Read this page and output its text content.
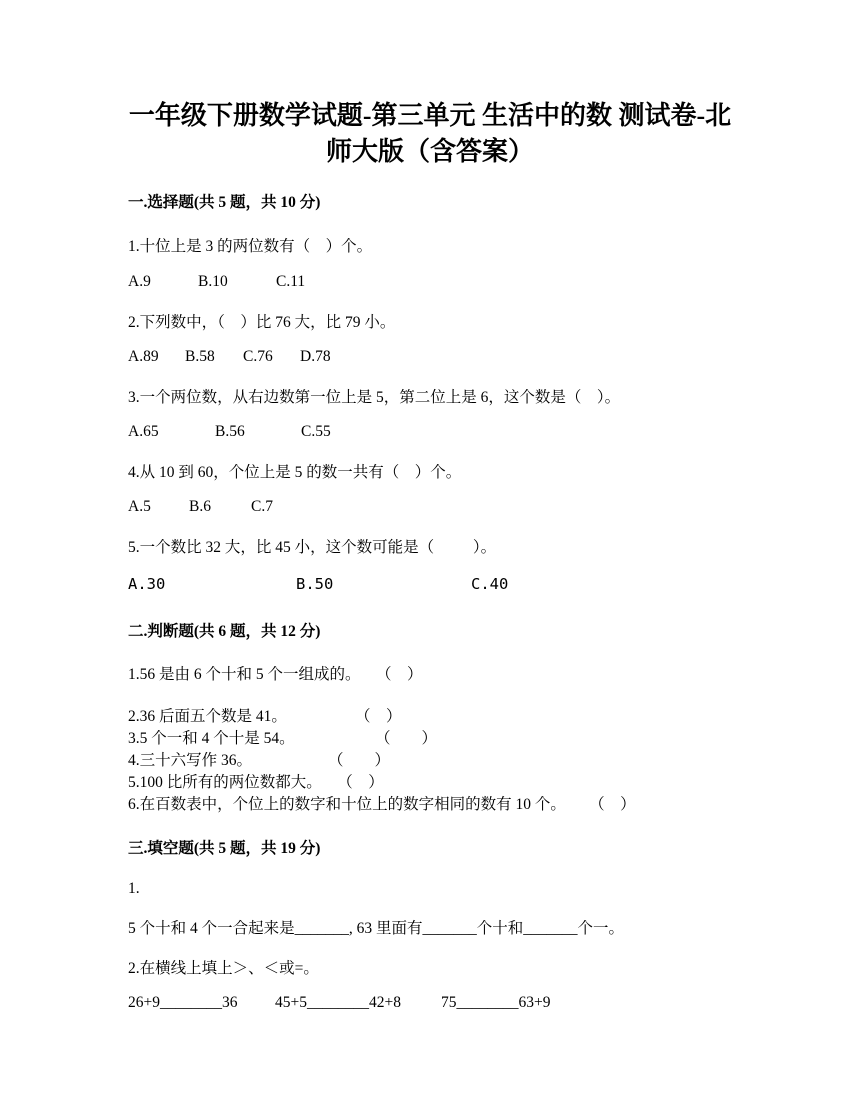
一年级下册数学试题-第三单元 生活中的数 测试卷-北
师大版（含答案）
一.选择题(共 5 题，共 10 分)
1.十位上是 3 的两位数有（    ）个。
A.9	B.10	C.11
2.下列数中，（    ）比 76 大，比 79 小。
A.89 B.58 C.76 D.78
3.一个两位数，从右边数第一位上是 5，第二位上是 6，这个数是（    ）。
A.65	B.56	C.55
4.从 10 到 60，个位上是 5 的数一共有（    ）个。
A.5 B.6	C.7
5.一个数比 32 大，比 45 小，这个数可能是（          ）。
A.30	B.50	C.40
二.判断题(共 6 题，共 12 分)
1.56 是由 6 个十和 5 个一组成的。    （    ）
2.36 后面五个数是 41。	（    ）
3.5 个一和 4 个十是 54。	（        ）
4.三十六写作 36。	（        ）
5.100 比所有的两位数都大。    （    ）
6.在百数表中，个位上的数字和十位上的数字相同的数有 10 个。      （    ）
三.填空题(共 5 题，共 19 分)
1.
5 个十和 4 个一合起来是_______, 63 里面有_______个十和_______个一。
2.在横线上填上＞、＜或=。
26+9________36 45+5________42+8	75________63+9
